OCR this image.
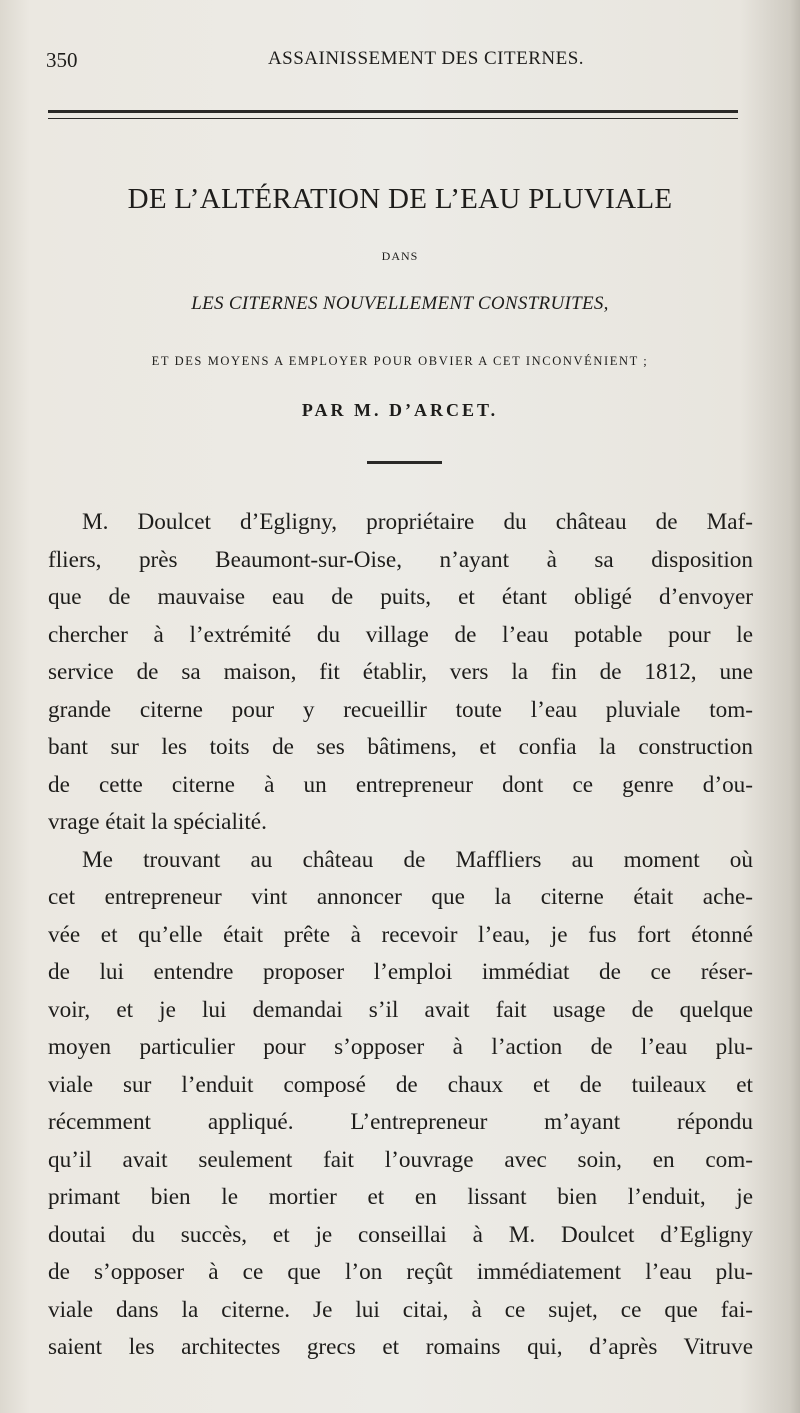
350	ASSAINISSEMENT DES CITERNES.
DE L’ALTÉRATION DE L’EAU PLUVIALE
DANS
LES CITERNES NOUVELLEMENT CONSTRUITES,
ET DES MOYENS A EMPLOYER POUR OBVIER A CET INCONVÉNIENT ;
PAR M. D’ARCET.
M. Doulcet d’Egligny, propriétaire du château de Maf-
fliers, près Beaumont-sur-Oise, n’ayant à sa disposition
que de mauvaise eau de puits, et étant obligé d’envoyer
chercher à l’extrémité du village de l’eau potable pour le
service de sa maison, fit établir, vers la fin de 1812, une
grande citerne pour y recueillir toute l’eau pluviale tom-
bant sur les toits de ses bâtimens, et confia la construction
de cette citerne à un entrepreneur dont ce genre d’ou-
vrage était la spécialité.
Me trouvant au château de Maffliers au moment où
cet entrepreneur vint annoncer que la citerne était ache-
vée et qu’elle était prête à recevoir l’eau, je fus fort étonné
de lui entendre proposer l’emploi immédiat de ce réser-
voir, et je lui demandai s’il avait fait usage de quelque
moyen particulier pour s’opposer à l’action de l’eau plu-
viale sur l’enduit composé de chaux et de tuileaux et
récemment appliqué. L’entrepreneur m’ayant répondu
qu’il avait seulement fait l’ouvrage avec soin, en com-
primant bien le mortier et en lissant bien l’enduit, je
doutai du succès, et je conseillai à M. Doulcet d’Egligny
de s’opposer à ce que l’on reçût immédiatement l’eau plu-
viale dans la citerne. Je lui citai, à ce sujet, ce que fai-
saient les architectes grecs et romains qui, d’après Vitruve
